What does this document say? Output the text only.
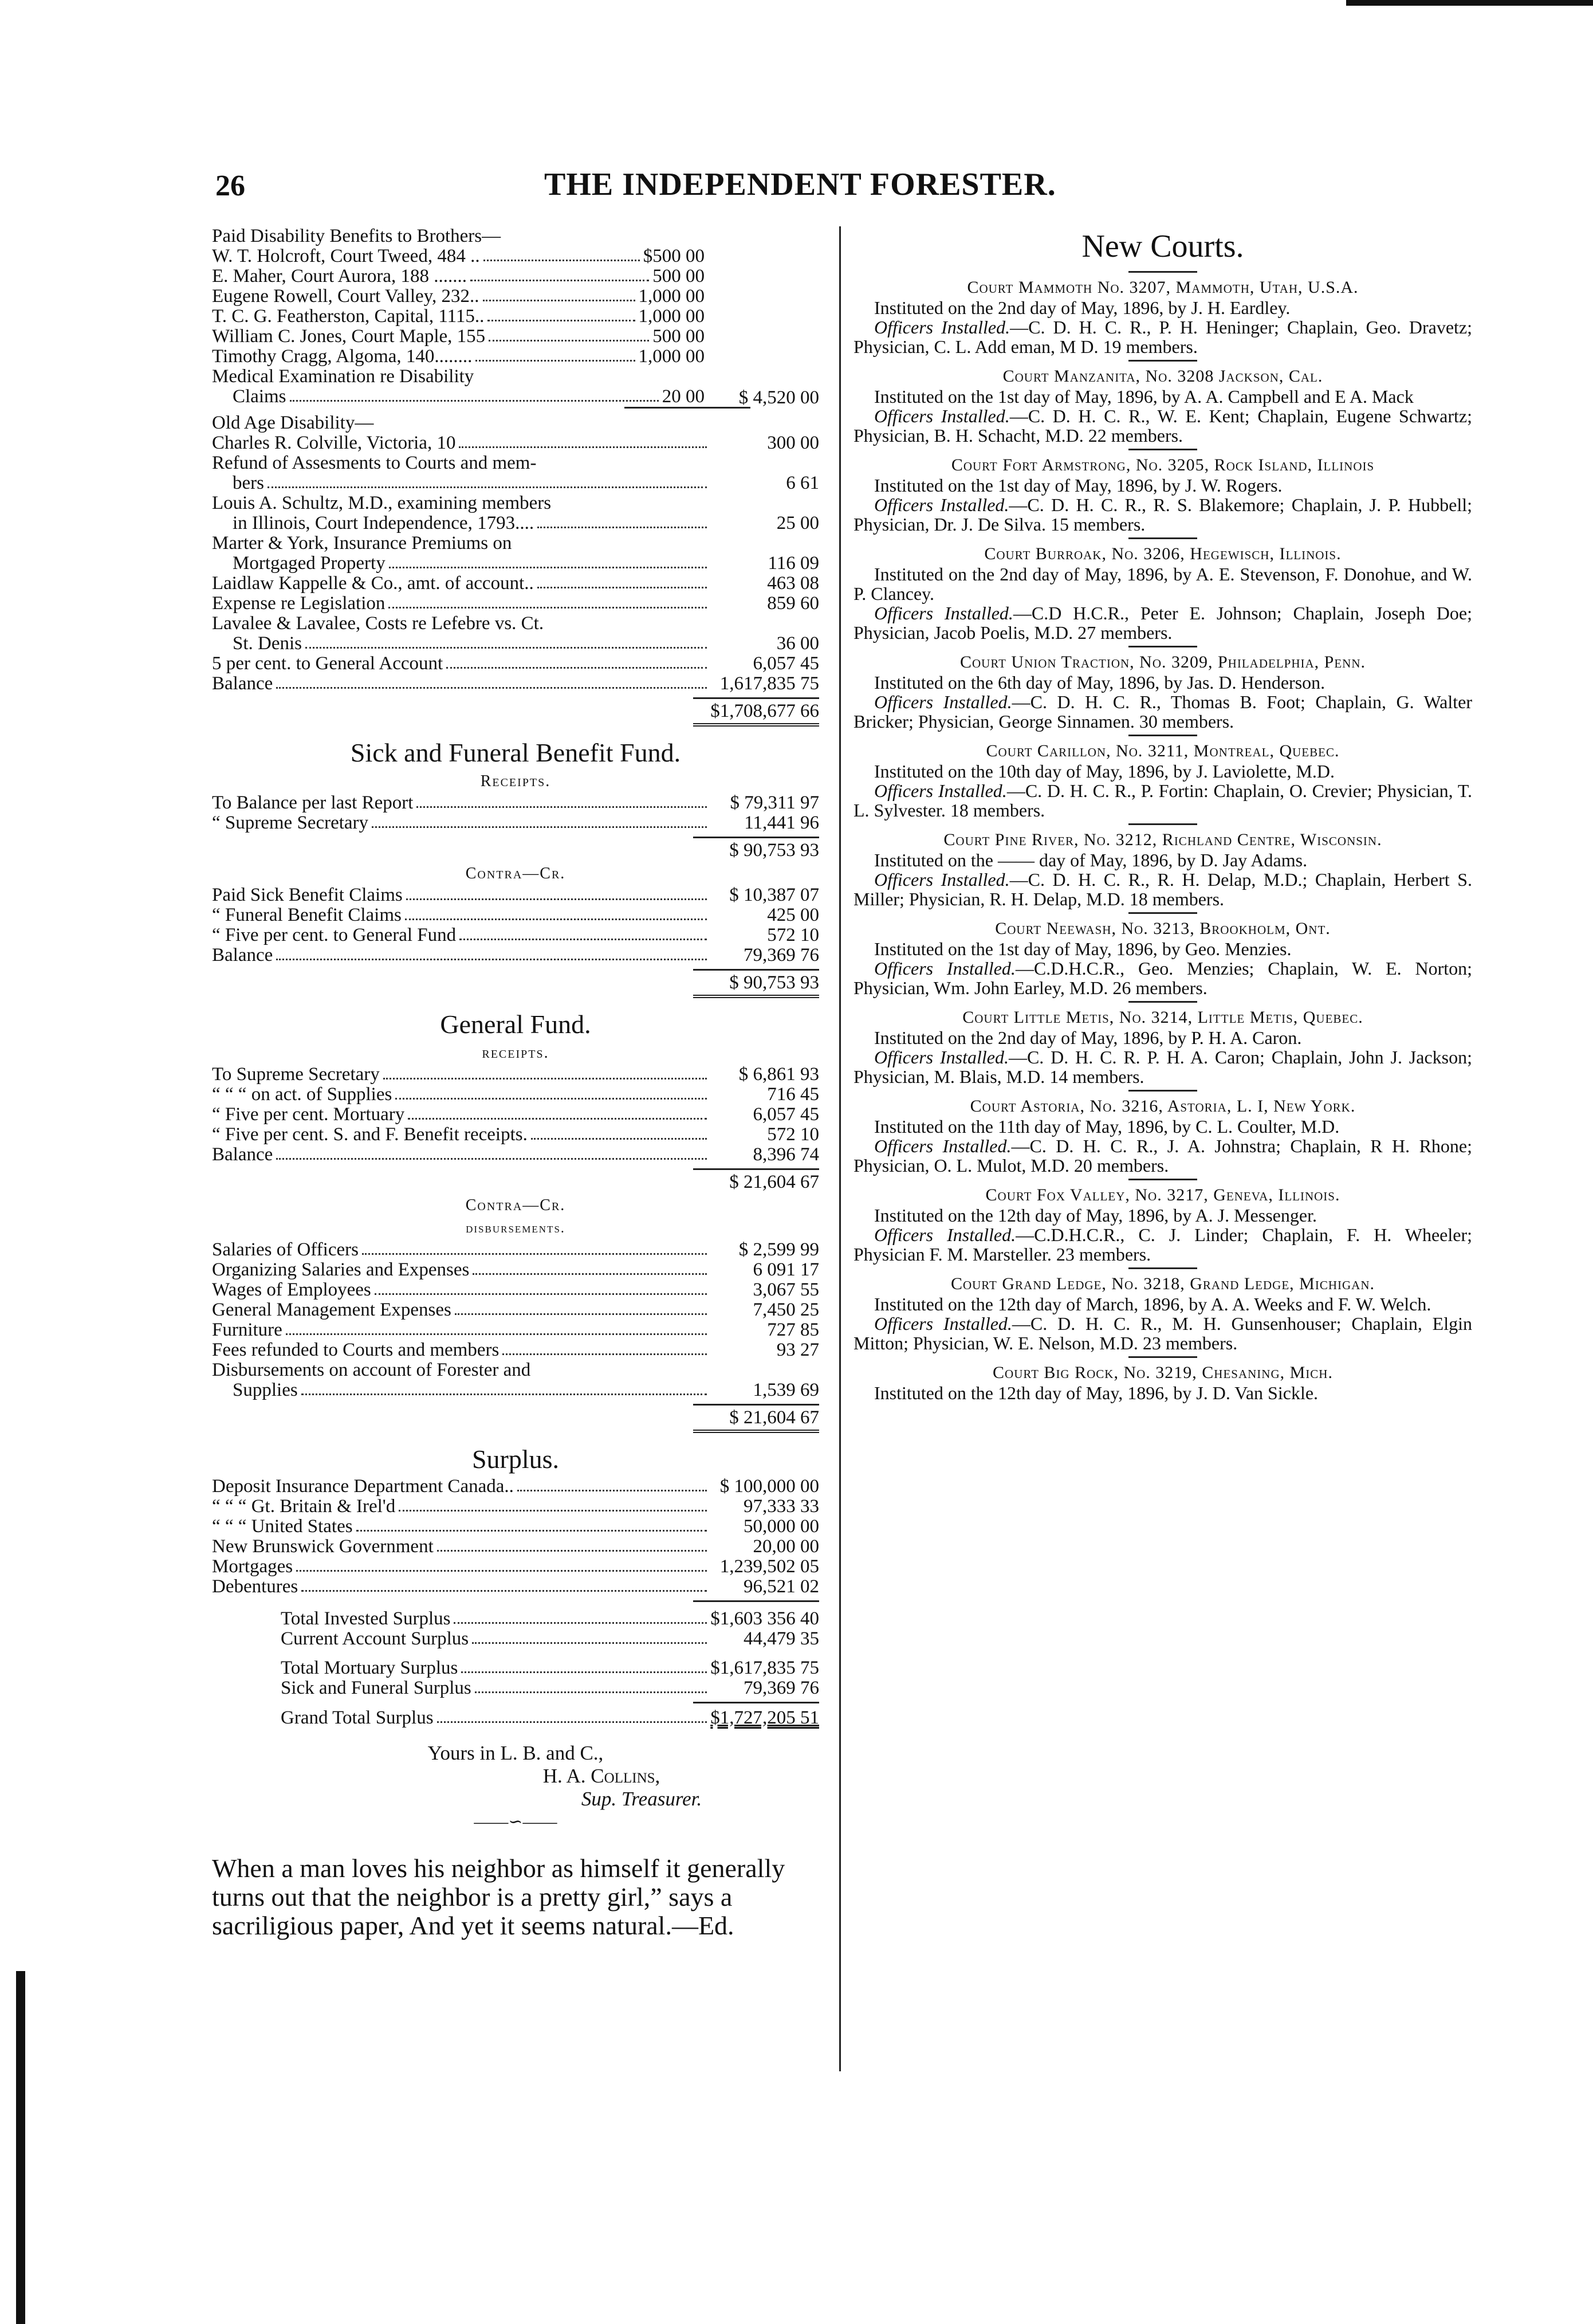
26	THE INDEPENDENT FORESTER.
Paid Disability Benefits to Brothers—
W. T. Holcroft, Court Tweed, 484 ..	$500 00
E. Maher, Court Aurora, 188 .......	500 00
Eugene Rowell, Court Valley, 232..	1,000 00
T. C. G. Featherston, Capital, 1115..	1,000 00
William C. Jones, Court Maple, 155	500 00
Timothy Cragg, Algoma, 140........	1,000 00
Medical Examination re Disability
Claims	20 00 $ 4,520 00
Old Age Disability—
Charles R. Colville, Victoria, 10	300 00
Refund of Assesments to Courts and mem-
bers	6 61
Louis A. Schultz, M.D., examining members
in Illinois, Court Independence, 1793....	25 00
Marter & York, Insurance Premiums on
Mortgaged Property	116 09
Laidlaw Kappelle & Co., amt. of account..	463 08
Expense re Legislation	859 60
Lavalee & Lavalee, Costs re Lefebre vs. Ct.
St. Denis	36 00
5 per cent. to General Account	6,057 45
Balance	1,617,835 75
$1,708,677 66
Sick and Funeral Benefit Fund.
Receipts.
To Balance per last Report	$ 79,311 97
“ Supreme Secretary	11,441 96
$ 90,753 93
Contra—Cr.
Paid Sick Benefit Claims	$ 10,387 07
“ Funeral Benefit Claims	425 00
“ Five per cent. to General Fund	572 10
Balance	79,369 76
$ 90,753 93
General Fund.
receipts.
To Supreme Secretary	$ 6,861 93
“ “ “ on act. of Supplies	716 45
“ Five per cent. Mortuary	6,057 45
“ Five per cent. S. and F. Benefit receipts.	572 10
Balance	8,396 74
$ 21,604 67
Contra—Cr.
disbursements.
Salaries of Officers	$ 2,599 99
Organizing Salaries and Expenses	6 091 17
Wages of Employees	3,067 55
General Management Expenses	7,450 25
Furniture	727 85
Fees refunded to Courts and members	93 27
Disbursements on account of Forester and
Supplies	1,539 69
$ 21,604 67
Surplus.
Deposit Insurance Department Canada..	$ 100,000 00
“ “ “ Gt. Britain & Irel'd	97,333 33
“ “ “ United States	50,000 00
New Brunswick Government	20,00 00
Mortgages	1,239,502 05
Debentures	96,521 02
Total Invested Surplus	$1,603 356 40
Current Account Surplus	44,479 35
Total Mortuary Surplus	$1,617,835 75
Sick and Funeral Surplus	79,369 76
Grand Total Surplus	$1,727,205 51
Yours in L. B. and C.,
H. A. Collins,
Sup. Treasurer.
——∽——
When a man loves his neighbor as himself it generally turns out that the neighbor is a pretty girl,” says a sacriligious paper, And yet it seems natural.—Ed.
New Courts.
Court Mammoth No. 3207, Mammoth, Utah, U.S.A.

Instituted on the 2nd day of May, 1896, by J. H. Eardley.

Officers Installed.—C. D. H. C. R., P. H. Heninger; Chaplain, Geo. Dravetz; Physician, C. L. Add eman, M D. 19 members.

Court Manzanita, No. 3208 Jackson, Cal.

Instituted on the 1st day of May, 1896, by A. A. Campbell and E A. Mack

Officers Installed.—C. D. H. C. R., W. E. Kent; Chaplain, Eugene Schwartz; Physician, B. H. Schacht, M.D. 22 members.

Court Fort Armstrong, No. 3205, Rock Island, Illinois

Instituted on the 1st day of May, 1896, by J. W. Rogers.

Officers Installed.—C. D. H. C. R., R. S. Blakemore; Chaplain, J. P. Hubbell; Physician, Dr. J. De Silva. 15 members.

Court Burroak, No. 3206, Hegewisch, Illinois.

Instituted on the 2nd day of May, 1896, by A. E. Stevenson, F. Donohue, and W. P. Clancey.

Officers Installed.—C.D H.C.R., Peter E. Johnson; Chaplain, Joseph Doe; Physician, Jacob Poelis, M.D. 27 members.

Court Union Traction, No. 3209, Philadelphia, Penn.

Instituted on the 6th day of May, 1896, by Jas. D. Henderson.

Officers Installed.—C. D. H. C. R., Thomas B. Foot; Chaplain, G. Walter Bricker; Physician, George Sinnamen. 30 members.

Court Carillon, No. 3211, Montreal, Quebec.

Instituted on the 10th day of May, 1896, by J. Laviolette, M.D.

Officers Installed.—C. D. H. C. R., P. Fortin: Chaplain, O. Crevier; Physician, T. L. Sylvester. 18 members.

Court Pine River, No. 3212, Richland Centre, Wisconsin.

Instituted on the —— day of May, 1896, by D. Jay Adams.

Officers Installed.—C. D. H. C. R., R. H. Delap, M.D.; Chaplain, Herbert S. Miller; Physician, R. H. Delap, M.D. 18 members.

Court Neewash, No. 3213, Brookholm, Ont.

Instituted on the 1st day of May, 1896, by Geo. Menzies.

Officers Installed.—C.D.H.C.R., Geo. Menzies; Chaplain, W. E. Norton; Physician, Wm. John Earley, M.D. 26 members.

Court Little Metis, No. 3214, Little Metis, Quebec.

Instituted on the 2nd day of May, 1896, by P. H. A. Caron.

Officers Installed.—C. D. H. C. R. P. H. A. Caron; Chaplain, John J. Jackson; Physician, M. Blais, M.D. 14 members.

Court Astoria, No. 3216, Astoria, L. I, New York.

Instituted on the 11th day of May, 1896, by C. L. Coulter, M.D.

Officers Installed.—C. D. H. C. R., J. A. Johnstra; Chaplain, R H. Rhone; Physician, O. L. Mulot, M.D. 20 members.

Court Fox Valley, No. 3217, Geneva, Illinois.

Instituted on the 12th day of May, 1896, by A. J. Messenger.

Officers Installed.—C.D.H.C.R., C. J. Linder; Chaplain, F. H. Wheeler; Physician F. M. Marsteller. 23 members.

Court Grand Ledge, No. 3218, Grand Ledge, Michigan.

Instituted on the 12th day of March, 1896, by A. A. Weeks and F. W. Welch.

Officers Installed.—C. D. H. C. R., M. H. Gunsenhouser; Chaplain, Elgin Mitton; Physician, W. E. Nelson, M.D. 23 members.

Court Big Rock, No. 3219, Chesaning, Mich.

Instituted on the 12th day of May, 1896, by J. D. Van Sickle.
